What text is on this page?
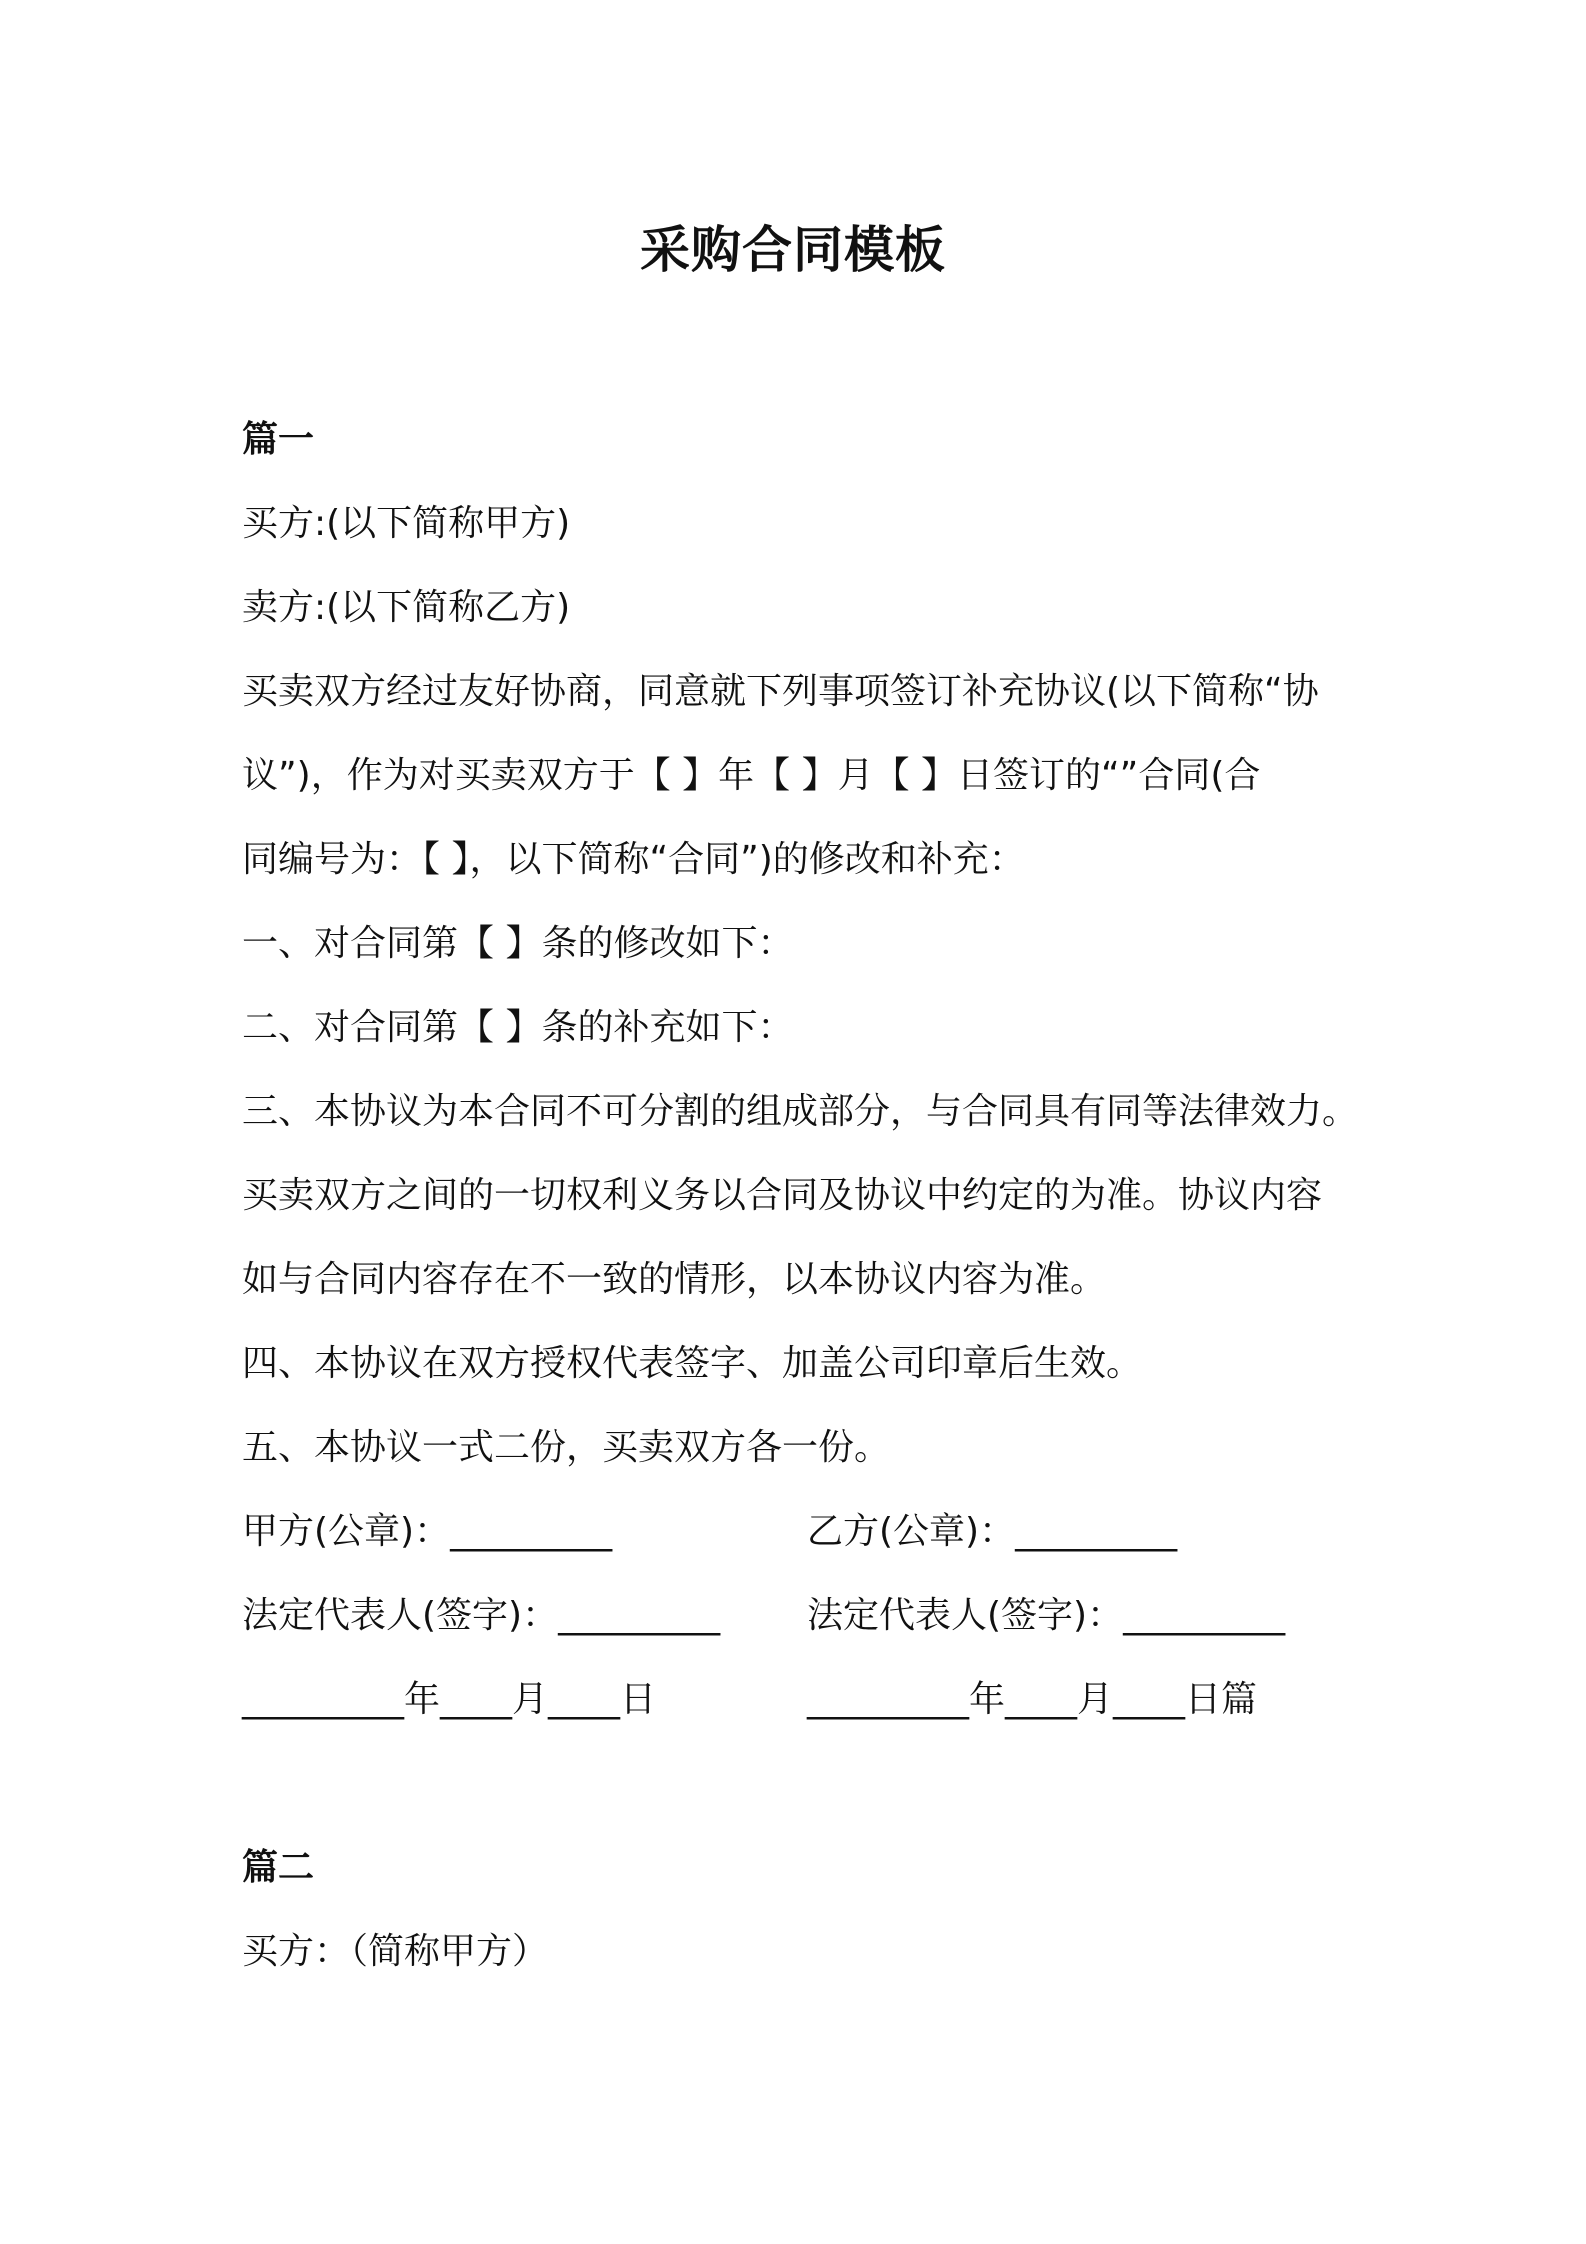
采购合同模板
篇一
买方:(以下简称甲方)
卖方:(以下简称乙方)
买卖双方经过友好协商，同意就下列事项签订补充协议(以下简称“协
议”)，作为对买卖双方于【 】年【 】月【 】日签订的“”合同(合
同编号为：【 】，以下简称“合同”)的修改和补充：
一、对合同第【 】条的修改如下：
二、对合同第【 】条的补充如下：
三、本协议为本合同不可分割的组成部分，与合同具有同等法律效力。
买卖双方之间的一切权利义务以合同及协议中约定的为准。协议内容
如与合同内容存在不一致的情形，以本协议内容为准。
四、本协议在双方授权代表签字、加盖公司印章后生效。
五、本协议一式二份，买卖双方各一份。
甲方(公章)：_________	乙方(公章)：_________
法定代表人(签字)：_________	法定代表人(签字)：_________
_________年____月____日	_________年____月____日篇
篇二
买方：（简称甲方）
